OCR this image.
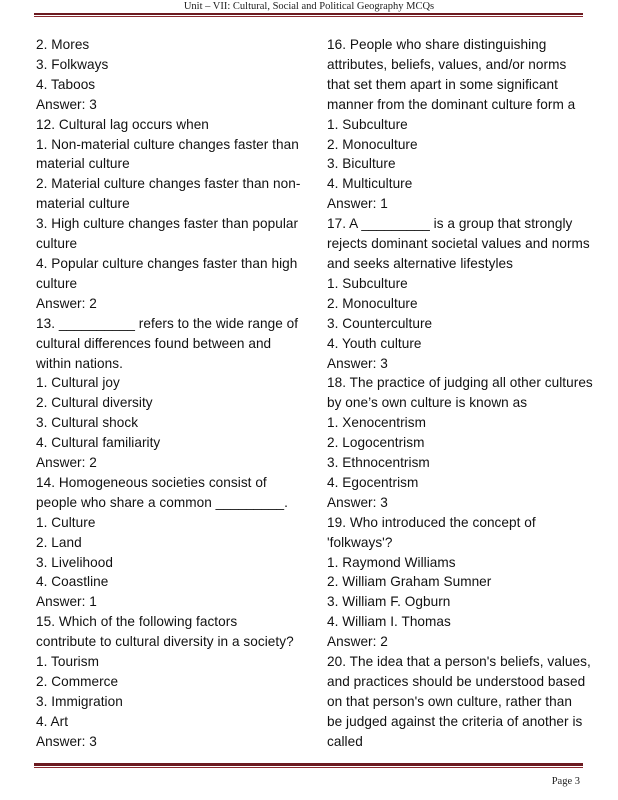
Unit – VII: Cultural, Social and Political Geography MCQs
2. Mores
3. Folkways
4. Taboos
Answer: 3
12. Cultural lag occurs when
1. Non-material culture changes faster than
material culture
2. Material culture changes faster than non-
material culture
3. High culture changes faster than popular
culture
4. Popular culture changes faster than high
culture
Answer: 2
13. __________ refers to the wide range of
cultural differences found between and
within nations.
1. Cultural joy
2. Cultural diversity
3. Cultural shock
4. Cultural familiarity
Answer: 2
14. Homogeneous societies consist of
people who share a common _________.
1. Culture
2. Land
3. Livelihood
4. Coastline
Answer: 1
15. Which of the following factors
contribute to cultural diversity in a society?
1. Tourism
2. Commerce
3. Immigration
4. Art
Answer: 3
16. People who share distinguishing
attributes, beliefs, values, and/or norms
that set them apart in some significant
manner from the dominant culture form a
1. Subculture
2. Monoculture
3. Biculture
4. Multiculture
Answer: 1
17. A _________ is a group that strongly
rejects dominant societal values and norms
and seeks alternative lifestyles
1. Subculture
2. Monoculture
3. Counterculture
4. Youth culture
Answer: 3
18. The practice of judging all other cultures
by one’s own culture is known as
1. Xenocentrism
2. Logocentrism
3. Ethnocentrism
4. Egocentrism
Answer: 3
19. Who introduced the concept of
'folkways'?
1. Raymond Williams
2. William Graham Sumner
3. William F. Ogburn
4. William I. Thomas
Answer: 2
20. The idea that a person's beliefs, values,
and practices should be understood based
on that person's own culture, rather than
be judged against the criteria of another is
called
Page 3
